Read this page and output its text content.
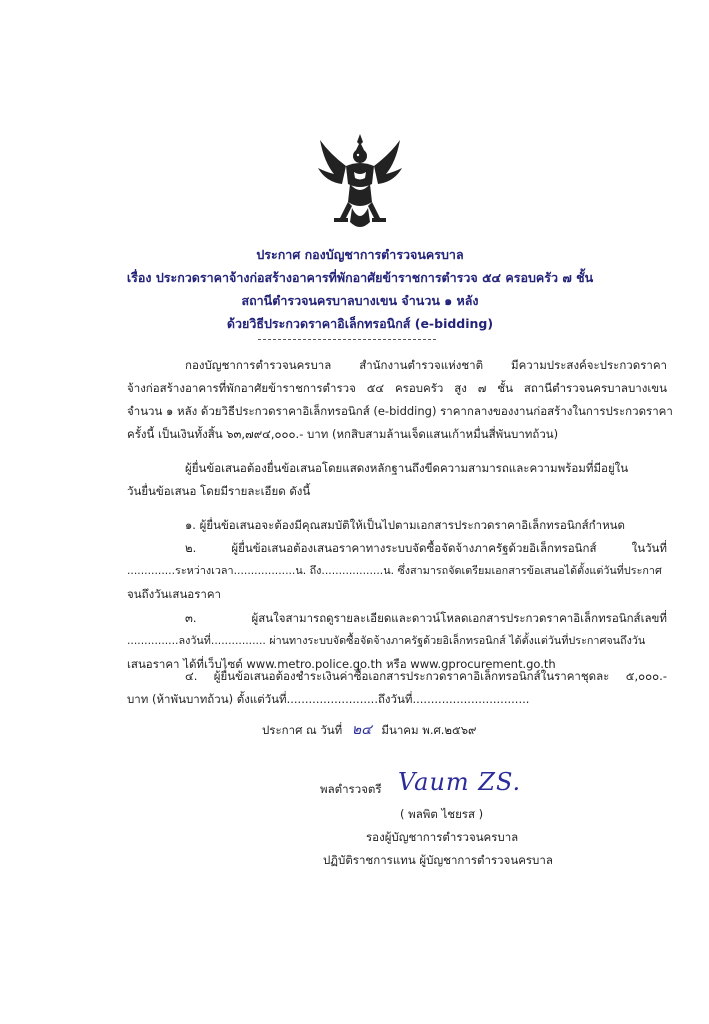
ประกาศ กองบัญชาการตำรวจนครบาล
เรื่อง ประกวดราคาจ้างก่อสร้างอาคารที่พักอาศัยข้าราชการตำรวจ ๕๔ ครอบครัว ๗ ชั้น
สถานีตำรวจนครบาลบางเขน จำนวน ๑ หลัง
ด้วยวิธีประกวดราคาอิเล็กทรอนิกส์ (e-bidding)
กองบัญชาการตำรวจนครบาล สำนักงานตำรวจแห่งชาติ มีความประสงค์จะประกวดราคา
จ้างก่อสร้างอาคารที่พักอาศัยข้าราชการตำรวจ ๕๔ ครอบครัว สูง ๗ ชั้น สถานีตำรวจนครบาลบางเขน
จำนวน ๑ หลัง ด้วยวิธีประกวดราคาอิเล็กทรอนิกส์ (e-bidding) ราคากลางของงานก่อสร้างในการประกวดราคา
ครั้งนี้ เป็นเงินทั้งสิ้น ๖๓,๗๙๔,๐๐๐.- บาท (หกสิบสามล้านเจ็ดแสนเก้าหมื่นสี่พันบาทถ้วน)
ผู้ยื่นข้อเสนอต้องยื่นข้อเสนอโดยแสดงหลักฐานถึงขีดความสามารถและความพร้อมที่มีอยู่ใน
วันยื่นข้อเสนอ โดยมีรายละเอียด ดังนี้
๑. ผู้ยื่นข้อเสนอจะต้องมีคุณสมบัติให้เป็นไปตามเอกสารประกวดราคาอิเล็กทรอนิกส์กำหนด
๒. ผู้ยื่นข้อเสนอต้องเสนอราคาทางระบบจัดซื้อจัดจ้างภาครัฐด้วยอิเล็กทรอนิกส์ ในวันที่
..............ระหว่างเวลา..................น. ถึง..................น. ซึ่งสามารถจัดเตรียมเอกสารข้อเสนอได้ตั้งแต่วันที่ประกาศ
จนถึงวันเสนอราคา
๓. ผู้สนใจสามารถดูรายละเอียดและดาวน์โหลดเอกสารประกวดราคาอิเล็กทรอนิกส์เลขที่
...............ลงวันที่................ ผ่านทางระบบจัดซื้อจัดจ้างภาครัฐด้วยอิเล็กทรอนิกส์ ได้ตั้งแต่วันที่ประกาศจนถึงวัน
เสนอราคา ได้ที่เว็บไซต์ www.metro.police.go.th หรือ www.gprocurement.go.th
๔. ผู้ยื่นข้อเสนอต้องชำระเงินค่าซื้อเอกสารประกวดราคาอิเล็กทรอนิกส์ในราคาชุดละ ๕,๐๐๐.-
บาท (ห้าพันบาทถ้วน) ตั้งแต่วันที่.........................ถึงวันที่................................
ประกาศ ณ วันที่ ๒๔ มีนาคม พ.ศ.๒๕๖๙
พลตำรวจตรี Vaum ZS.
( พลพิต ไชยรส )
รองผู้บัญชาการตำรวจนครบาล
ปฏิบัติราชการแทน ผู้บัญชาการตำรวจนครบาล
